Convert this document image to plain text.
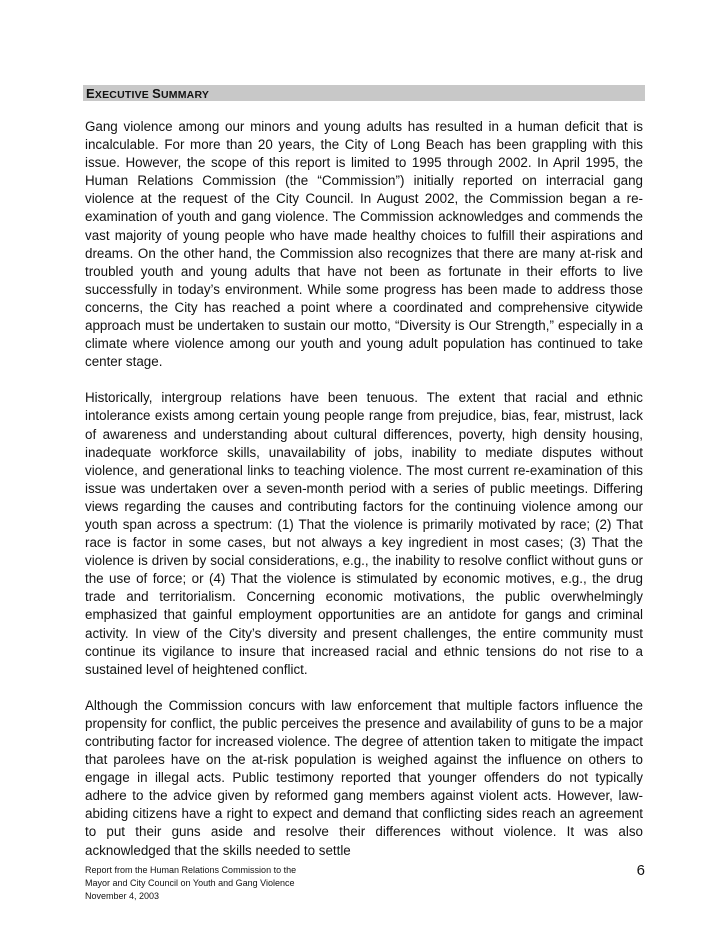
EXECUTIVE SUMMARY

Gang violence among our minors and young adults has resulted in a human deficit that is incalculable. For more than 20 years, the City of Long Beach has been grappling with this issue. However, the scope of this report is limited to 1995 through 2002. In April 1995, the Human Relations Commission (the “Commission”) initially reported on interracial gang violence at the request of the City Council. In August 2002, the Commission began a re-examination of youth and gang violence. The Commission acknowledges and commends the vast majority of young people who have made healthy choices to fulfill their aspirations and dreams. On the other hand, the Commission also recognizes that there are many at-risk and troubled youth and young adults that have not been as fortunate in their efforts to live successfully in today’s environment. While some progress has been made to address those concerns, the City has reached a point where a coordinated and comprehensive citywide approach must be undertaken to sustain our motto, “Diversity is Our Strength,” especially in a climate where violence among our youth and young adult population has continued to take center stage.

Historically, intergroup relations have been tenuous. The extent that racial and ethnic intolerance exists among certain young people range from prejudice, bias, fear, mistrust, lack of awareness and understanding about cultural differences, poverty, high density housing, inadequate workforce skills, unavailability of jobs, inability to mediate disputes without violence, and generational links to teaching violence. The most current re-examination of this issue was undertaken over a seven-month period with a series of public meetings. Differing views regarding the causes and contributing factors for the continuing violence among our youth span across a spectrum: (1) That the violence is primarily motivated by race; (2) That race is factor in some cases, but not always a key ingredient in most cases; (3) That the violence is driven by social considerations, e.g., the inability to resolve conflict without guns or the use of force; or (4) That the violence is stimulated by economic motives, e.g., the drug trade and territorialism. Concerning economic motivations, the public overwhelmingly emphasized that gainful employment opportunities are an antidote for gangs and criminal activity. In view of the City’s diversity and present challenges, the entire community must continue its vigilance to insure that increased racial and ethnic tensions do not rise to a sustained level of heightened conflict.

Although the Commission concurs with law enforcement that multiple factors influence the propensity for conflict, the public perceives the presence and availability of guns to be a major contributing factor for increased violence. The degree of attention taken to mitigate the impact that parolees have on the at-risk population is weighed against the influence on others to engage in illegal acts. Public testimony reported that younger offenders do not typically adhere to the advice given by reformed gang members against violent acts. However, law-abiding citizens have a right to expect and demand that conflicting sides reach an agreement to put their guns aside and resolve their differences without violence. It was also acknowledged that the skills needed to settle

Report from the Human Relations Commission to the
Mayor and City Council on Youth and Gang Violence
November 4, 2003
6
